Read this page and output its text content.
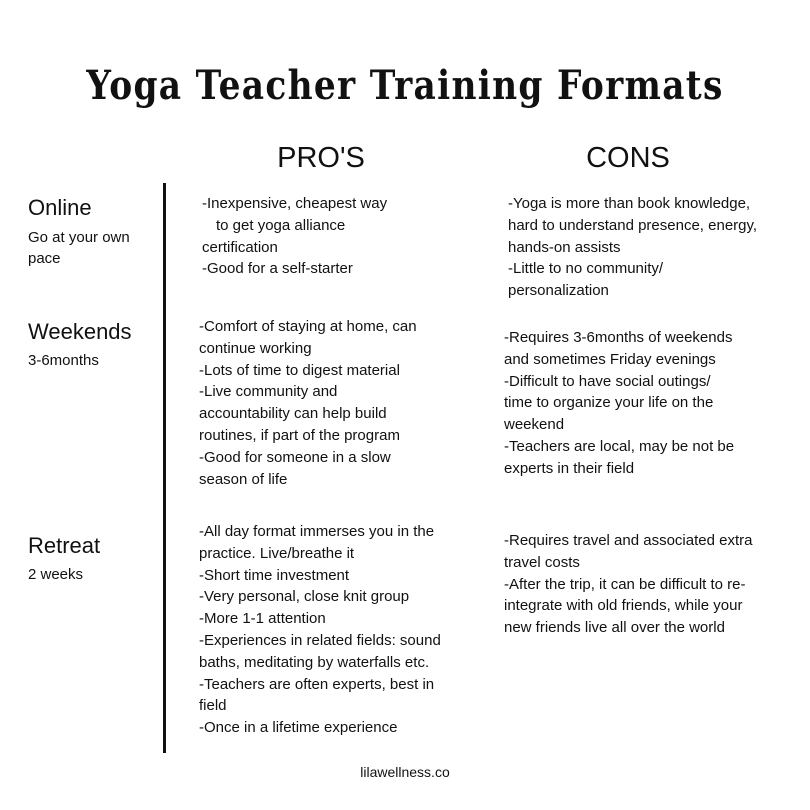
Yoga Teacher Training Formats
PRO'S	CONS
Online
Go at your own
pace
-Inexpensive, cheapest way
to get yoga alliance
certification
-Good for a self-starter
-Yoga is more than book knowledge,
hard to understand presence, energy,
hands-on assists
-Little to no community/
personalization
Weekends
3-6months
-Comfort of staying at home, can
continue working
-Lots of time to digest material
-Live community and
accountability can help build
routines, if part of the program
-Good for someone in a slow
season of life
-Requires 3-6months of weekends
and sometimes Friday evenings
-Difficult to have social outings/
time to organize your life on the
weekend
-Teachers are local, may be not be
experts in their field
Retreat
2 weeks
-All day format immerses you in the
practice. Live/breathe it
-Short time investment
-Very personal, close knit group
-More 1-1 attention
-Experiences in related fields: sound
baths, meditating by waterfalls etc.
-Teachers are often experts, best in
field
-Once in a lifetime experience
-Requires travel and associated extra
travel costs
-After the trip, it can be difficult to re-
integrate with old friends, while your
new friends live all over the world
lilawellness.co
